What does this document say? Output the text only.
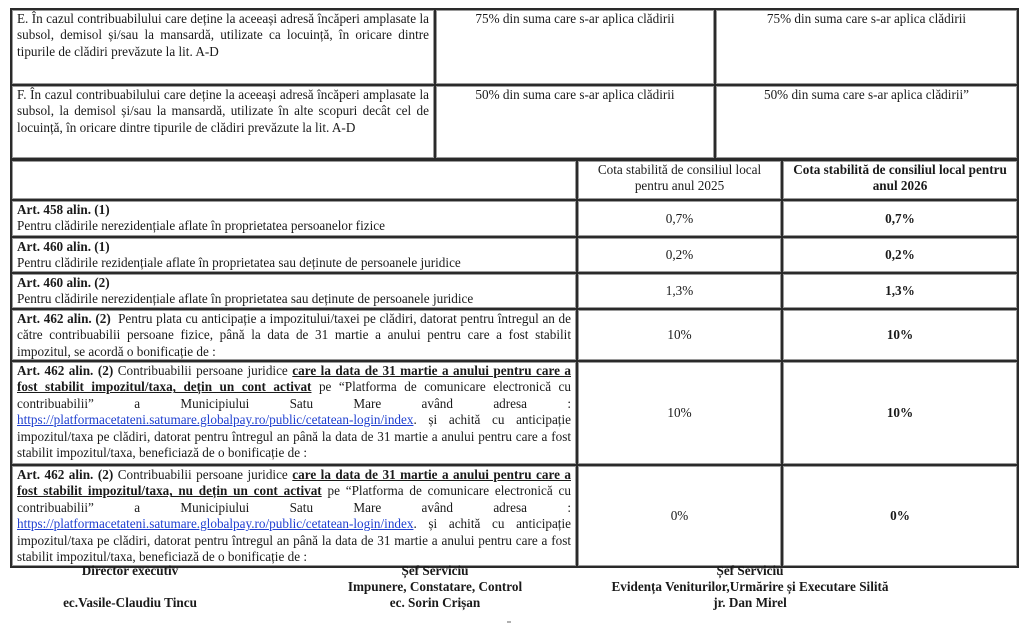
E. În cazul contribuabilului care deține la aceeași adresă încăperi amplasate la subsol, demisol și/sau la mansardă, utilizate ca locuință, în oricare dintre tipurile de clădiri prevăzute la lit. A-D	75% din suma care s-ar aplica clădirii	75% din suma care s-ar aplica clădirii
F. În cazul contribuabilului care deține la aceeași adresă încăperi amplasate la subsol, la demisol și/sau la mansardă, utilizate în alte scopuri decât cel de locuință, în oricare dintre tipurile de clădiri prevăzute la lit. A-D	50% din suma care s-ar aplica clădirii	50% din suma care s-ar aplica clădirii”
	Cota stabilită de consiliul local pentru anul 2025	Cota stabilită de consiliul local pentru anul 2026

Art. 458 alin. (1)
Pentru clădirile nerezidențiale aflate în proprietatea persoanelor fizice	0,7%	0,7%

Art. 460 alin. (1)
Pentru clădirile rezidențiale aflate în proprietatea sau deținute de persoanele juridice	0,2%	0,2%

Art. 460 alin. (2)
Pentru clădirile nerezidențiale aflate în proprietatea sau deținute de persoanele juridice	1,3%	1,3%
Art. 462 alin. (2)  Pentru plata cu anticipație a impozitului/taxei pe clădiri, datorat pentru întregul an de către contribuabilii persoane fizice, până la data de 31 martie a anului pentru care a fost stabilit impozitul, se acordă o bonificație de :	10%	10%
Art. 462 alin. (2) Contribuabilii persoane juridice care la data de 31 martie a anului pentru care a fost stabilit impozitul/taxa, dețin un cont activat pe “Platforma de comunicare electronică cu contribuabilii” a Municipiului Satu Mare având adresa : https://platformacetateni.satumare.globalpay.ro/public/cetatean-login/index. și achită cu anticipație impozitul/taxa pe clădiri, datorat pentru întregul an până la data de 31 martie a anului pentru care a fost stabilit impozitul/taxa, beneficiază de o bonificație de :	10%	10%
Art. 462 alin. (2) Contribuabilii persoane juridice care la data de 31 martie a anului pentru care a fost stabilit impozitul/taxa, nu dețin un cont activat pe “Platforma de comunicare electronică cu contribuabilii” a Municipiului Satu Mare având adresa : https://platformacetateni.satumare.globalpay.ro/public/cetatean-login/index. și achită cu anticipație impozitul/taxa pe clădiri, datorat pentru întregul an până la data de 31 martie a anului pentru care a fost stabilit impozitul/taxa, beneficiază de o bonificație de :	0%	0%
Director executiv
ec.Vasile-Claudiu Tincu
Șef Serviciu
Impunere, Constatare, Control
ec. Sorin Crișan
Șef Serviciu
Evidența Veniturilor,Urmărire și Executare Silită
jr. Dan Mirel
